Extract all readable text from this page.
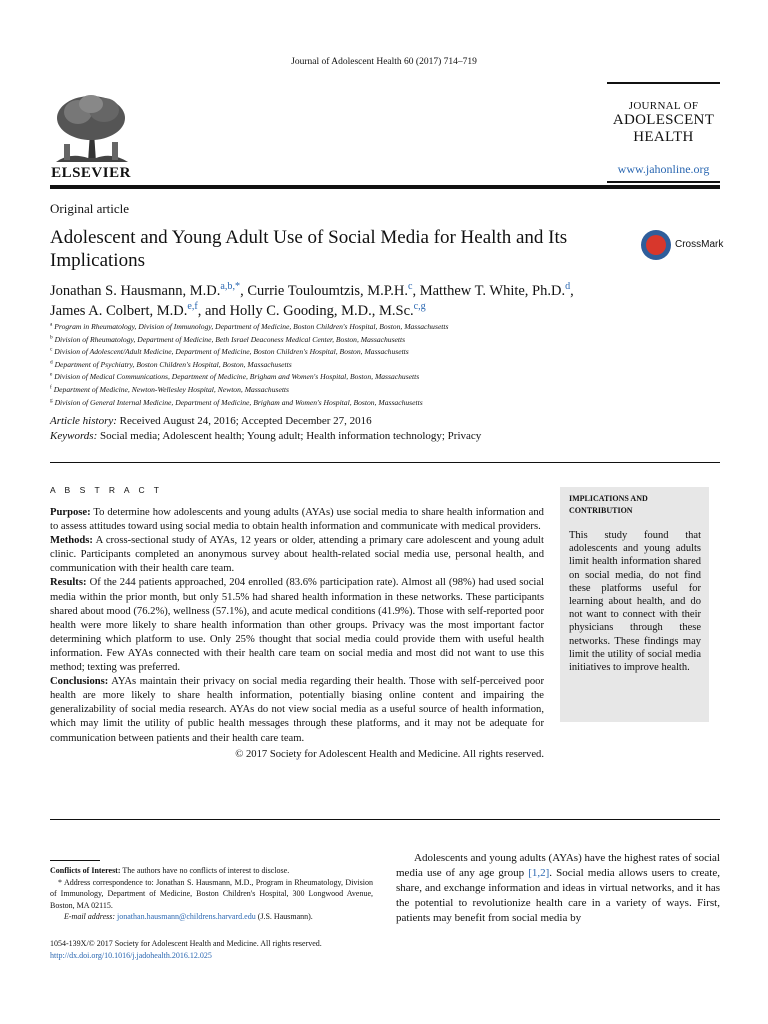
Journal of Adolescent Health 60 (2017) 714–719
ELSEVIER
JOURNAL OF
ADOLESCENT
HEALTH
www.jahonline.org
Original article
Adolescent and Young Adult Use of Social Media for Health and Its Implications
CrossMark
Jonathan S. Hausmann, M.D.$^{a,b,*}$, Currie Touloumtzis, M.P.H.$^c$, Matthew T. White, Ph.D.$^d$,
James A. Colbert, M.D.$^{e,f}$, and Holly C. Gooding, M.D., M.Sc.$^{c,g}$
$^a$ Program in Rheumatology, Division of Immunology, Department of Medicine, Boston Children's Hospital, Boston, Massachusetts
$^b$ Division of Rheumatology, Department of Medicine, Beth Israel Deaconess Medical Center, Boston, Massachusetts
$^c$ Division of Adolescent/Adult Medicine, Department of Medicine, Boston Children's Hospital, Boston, Massachusetts
$^d$ Department of Psychiatry, Boston Children's Hospital, Boston, Massachusetts
$^e$ Division of Medical Communications, Department of Medicine, Brigham and Women's Hospital, Boston, Massachusetts
$^f$ Department of Medicine, Newton-Wellesley Hospital, Newton, Massachusetts
$^g$ Division of General Internal Medicine, Department of Medicine, Brigham and Women's Hospital, Boston, Massachusetts
Article history: Received August 24, 2016; Accepted December 27, 2016
Keywords: Social media; Adolescent health; Young adult; Health information technology; Privacy
A B S T R A C T

Purpose: To determine how adolescents and young adults (AYAs) use social media to share health information and to assess attitudes toward using social media to obtain health information and communicate with medical providers.

Methods: A cross-sectional study of AYAs, 12 years or older, attending a primary care adolescent and young adult clinic. Participants completed an anonymous survey about health-related social media use, personal health, and communication with their health care team.

Results: Of the 244 patients approached, 204 enrolled (83.6% participation rate). Almost all (98%) had used social media within the prior month, but only 51.5% had shared health information in these networks. These participants shared about mood (76.2%), wellness (57.1%), and acute medical conditions (41.9%). Those with self-reported poor health were more likely to share health information than other groups. Privacy was the most important factor determining which platform to use. Only 25% thought that social media could provide them with useful health information. Few AYAs connected with their health care team on social media and most did not want to use this method; texting was preferred.

Conclusions: AYAs maintain their privacy on social media regarding their health. Those with self-perceived poor health are more likely to share health information, potentially biasing online content and impairing the generalizability of social media research. AYAs do not view social media as a useful source of health information, which may limit the utility of public health messages through these platforms, and it may not be adequate for communication between patients and their health care team.

© 2017 Society for Adolescent Health and Medicine. All rights reserved.

IMPLICATIONS AND CONTRIBUTION
This study found that adolescents and young adults limit health information shared on social media, do not find these platforms useful for learning about health, and do not want to connect with their physicians through these networks. These findings may limit the utility of social media initiatives to improve health.

Conflicts of Interest: The authors have no conflicts of interest to disclose.

* Address correspondence to: Jonathan S. Hausmann, M.D., Program in Rheumatology, Division of Immunology, Department of Medicine, Boston Children's Hospital, 300 Longwood Avenue, Boston, MA 02115.

E-mail address: jonathan.hausmann@childrens.harvard.edu (J.S. Hausmann).

1054-139X/© 2017 Society for Adolescent Health and Medicine. All rights reserved.
http://dx.doi.org/10.1016/j.jadohealth.2016.12.025
Adolescents and young adults (AYAs) have the highest rates of social media use of any age group [1,2]. Social media allows users to create, share, and exchange information and ideas in virtual networks, and it has the potential to revolutionize health care in a variety of ways. First, patients may benefit from social media by
